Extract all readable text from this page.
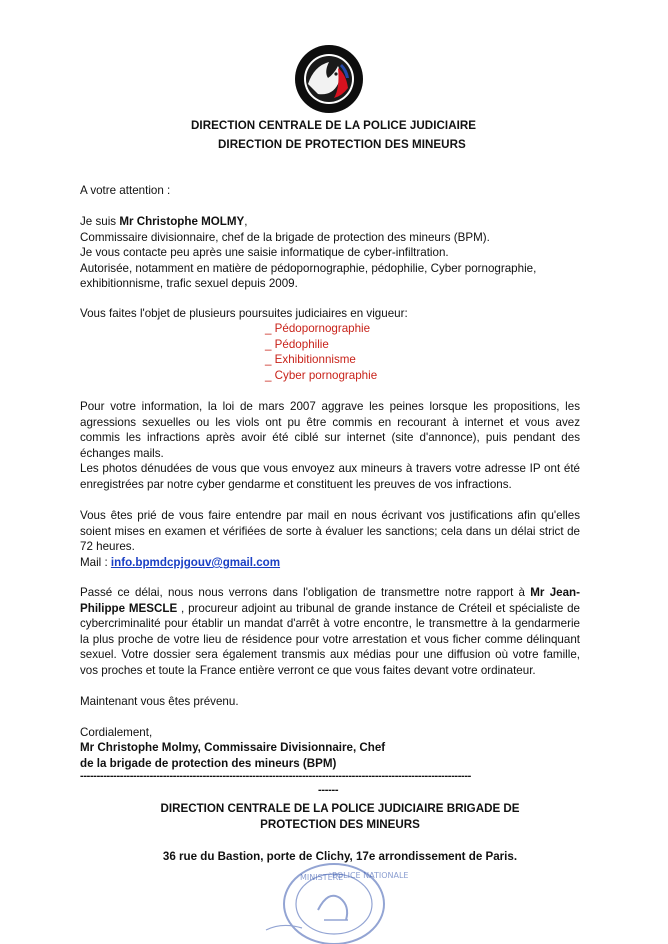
DIRECTION CENTRALE DE LA POLICE JUDICIAIRE
DIRECTION DE PROTECTION DES MINEURS
A votre attention :

Je suis Mr Christophe MOLMY,

Commissaire divisionnaire, chef de la brigade de protection des mineurs (BPM).

Je vous contacte peu après une saisie informatique de cyber-infiltration.

Autorisée, notamment en matière de pédopornographie, pédophilie, Cyber pornographie,

exhibitionnisme, trafic sexuel depuis 2009.

Vous faites l'objet de plusieurs poursuites judiciaires en vigueur:
_ Pédopornographie
_ Pédophilie
_ Exhibitionnisme
_ Cyber pornographie
Pour votre information, la loi de mars 2007 aggrave les peines lorsque les propositions, les agressions sexuelles ou les viols ont pu être commis en recourant à internet et vous avez commis les infractions après avoir été ciblé sur internet (site d'annonce), puis pendant des échanges mails.
Les photos dénudées de vous que vous envoyez aux mineurs à travers votre adresse IP ont été enregistrées par notre cyber gendarme et constituent les preuves de vos infractions.
Vous êtes prié de vous faire entendre par mail en nous écrivant vos justifications afin qu'elles soient mises en examen et vérifiées de sorte à évaluer les sanctions; cela dans un délai strict de 72 heures.
Mail : info.bpmdcpjgouv@gmail.com
Passé ce délai, nous nous verrons dans l'obligation de transmettre notre rapport à Mr Jean-Philippe MESCLE , procureur adjoint au tribunal de grande instance de Créteil et spécialiste de cybercriminalité pour établir un mandat d'arrêt à votre encontre, le transmettre à la gendarmerie la plus proche de votre lieu de résidence pour votre arrestation et vous ficher comme délinquant sexuel. Votre dossier sera également transmis aux médias pour une diffusion où votre famille, vos proches et toute la France entière verront ce que vous faites devant votre ordinateur.
Maintenant vous êtes prévenu.
Cordialement,

Mr Christophe Molmy, Commissaire Divisionnaire, Chef

de la brigade de protection des mineurs (BPM)

----------------------------------------------------------------------------------------------------------------------
------
DIRECTION CENTRALE DE LA POLICE JUDICIAIRE BRIGADE DE
PROTECTION DES MINEURS
36 rue du Bastion, porte de Clichy, 17e arrondissement de Paris.
MINISTÈRE
POLICE NATIONALE
